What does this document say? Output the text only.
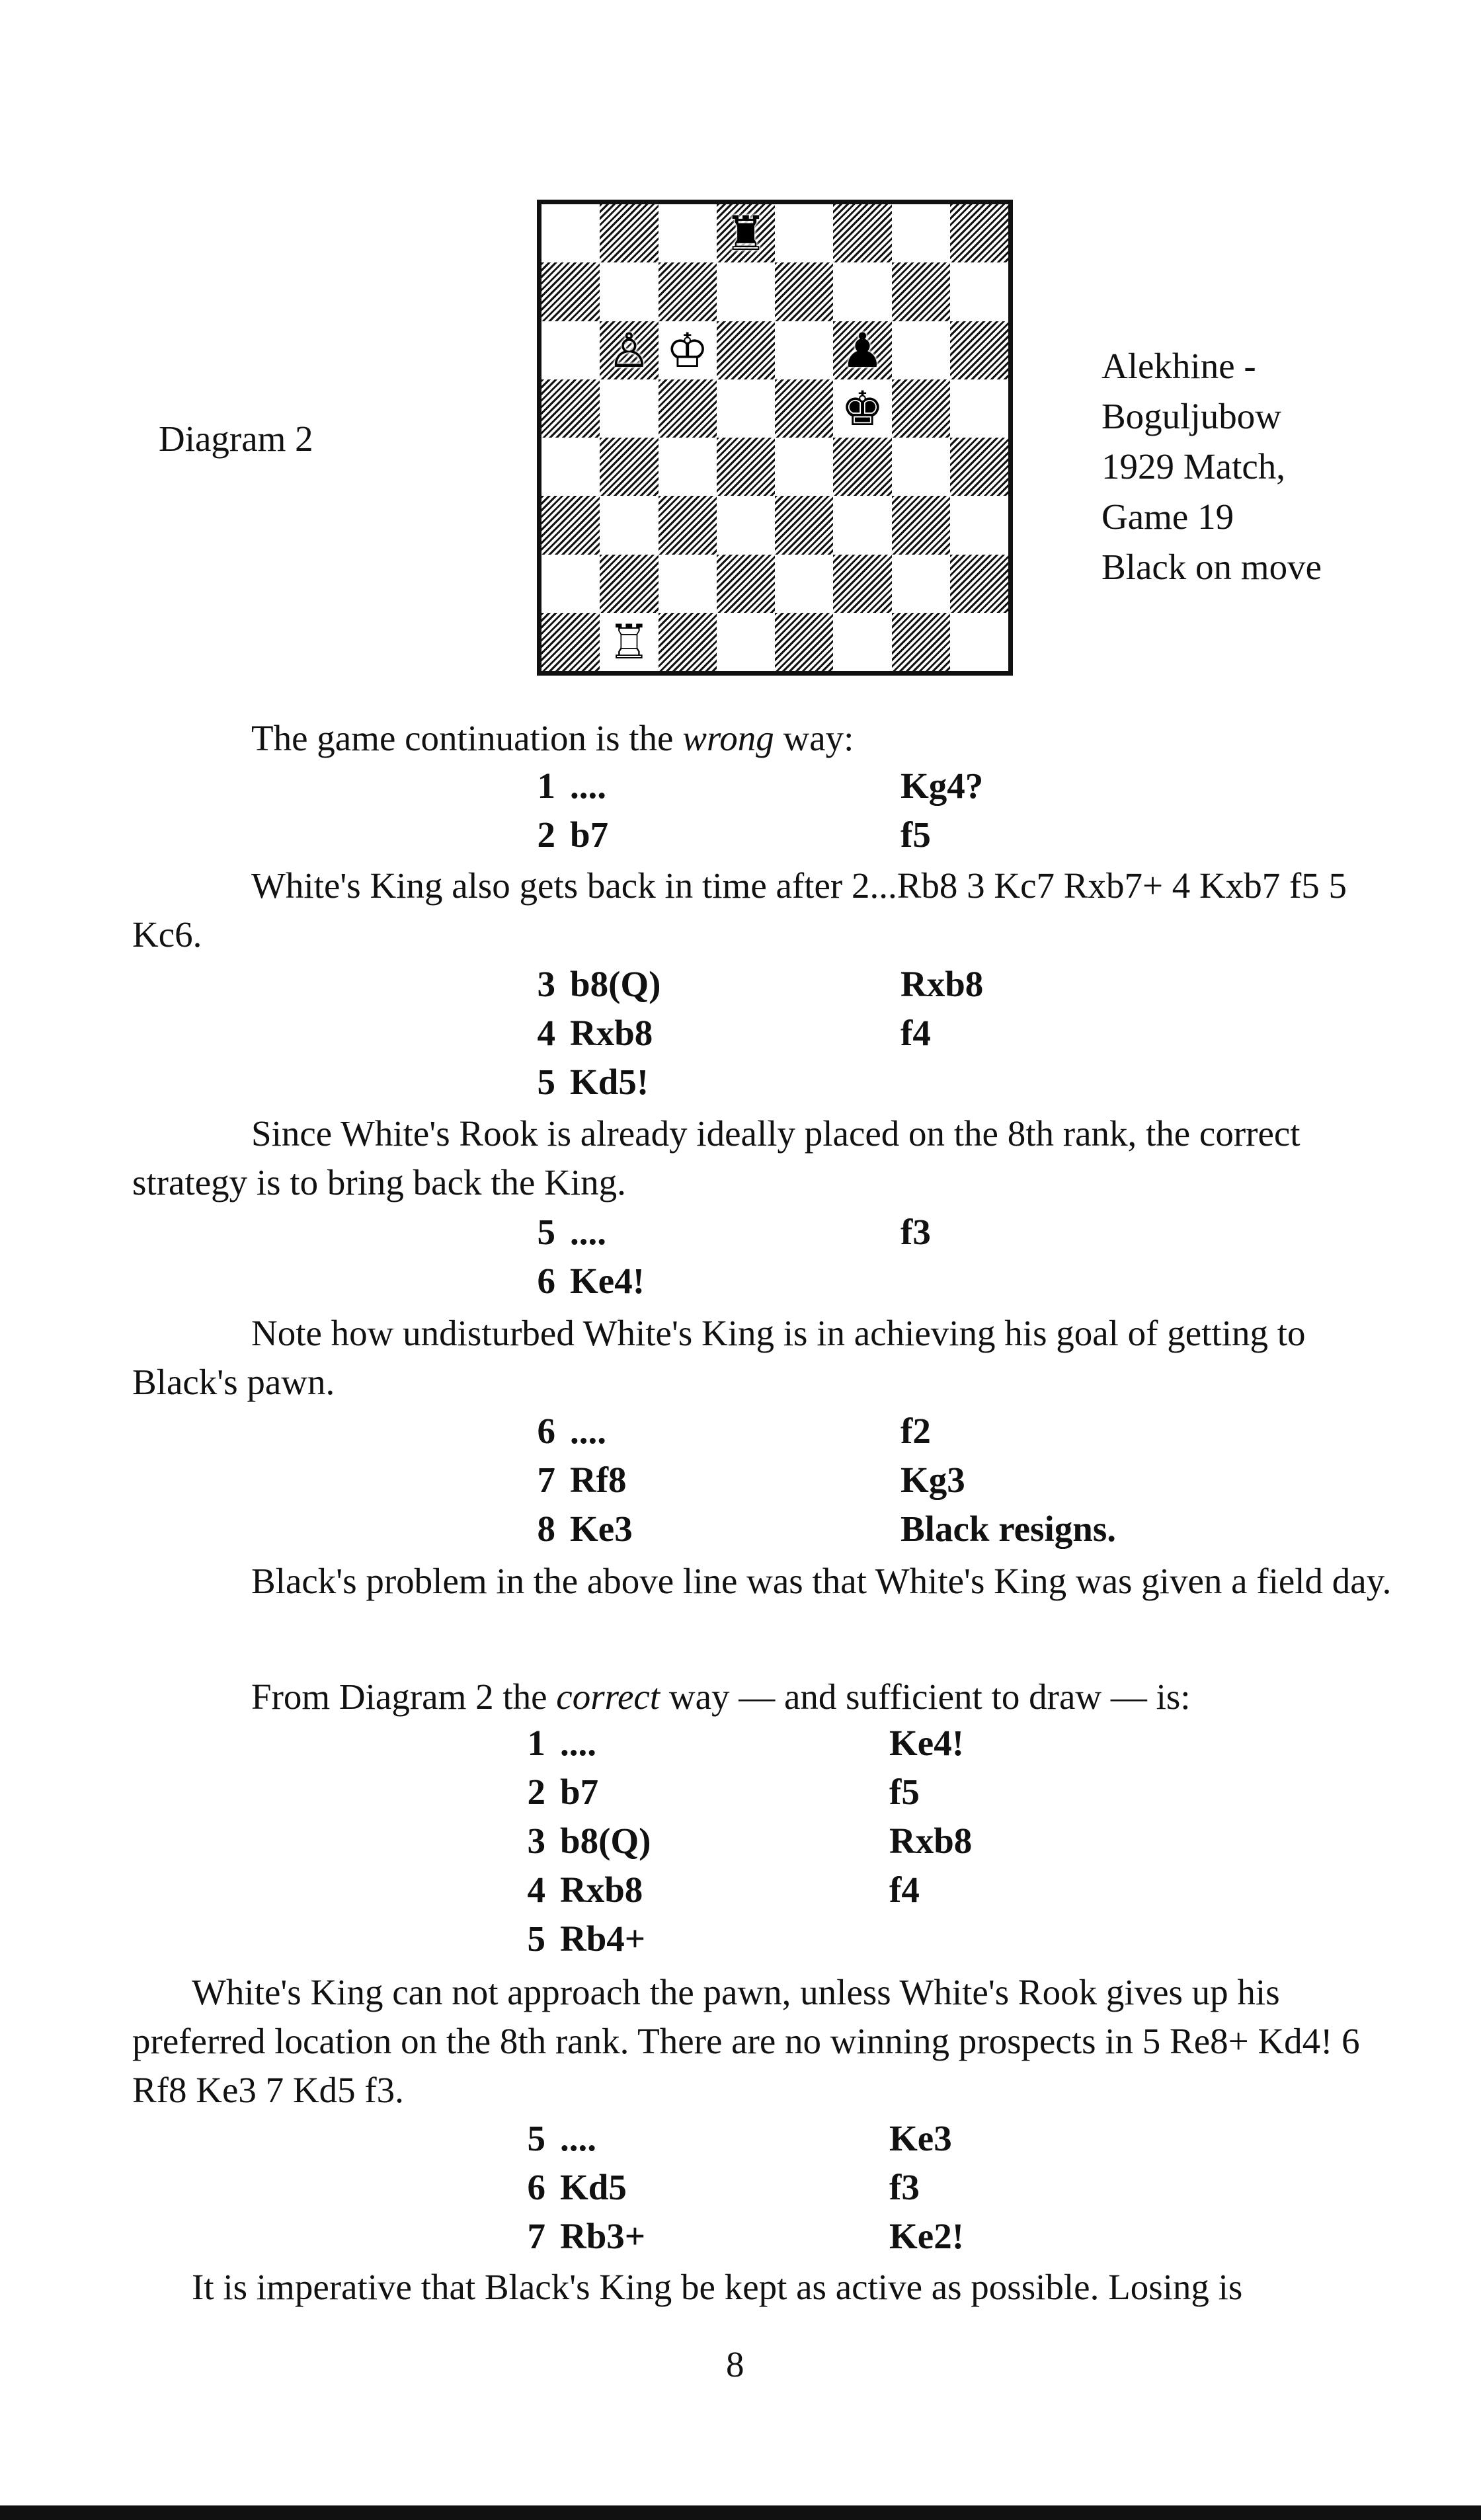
Diagram 2
♜
♙ ♔	♟
♚
♖
Alekhine -
Boguljubow
1929 Match,
Game 19
Black on move
The game continuation is the wrong way:
1 ....	Kg4?
2 b7	f5
White's King also gets back in time after 2...Rb8 3 Kc7 Rxb7+ 4 Kxb7 f5 5 Kc6.
3 b8(Q)	Rxb8
4 Rxb8	f4
5 Kd5!
Since White's Rook is already ideally placed on the 8th rank, the correct strategy is to bring back the King.
5 ....	f3
6 Ke4!
Note how undisturbed White's King is in achieving his goal of getting to Black's pawn.
6 ....	f2
7 Rf8	Kg3
8 Ke3	Black resigns.
Black's problem in the above line was that White's King was given a field day.
From Diagram 2 the correct way — and sufficient to draw — is:
1 ....	Ke4!
2 b7	f5
3 b8(Q)	Rxb8
4 Rxb8	f4
5 Rb4+
White's King can not approach the pawn, unless White's Rook gives up his preferred location on the 8th rank. There are no winning prospects in 5 Re8+ Kd4! 6 Rf8 Ke3 7 Kd5 f3.
5 ....	Ke3
6 Kd5	f3
7 Rb3+	Ke2!
It is imperative that Black's King be kept as active as possible. Losing is
8
